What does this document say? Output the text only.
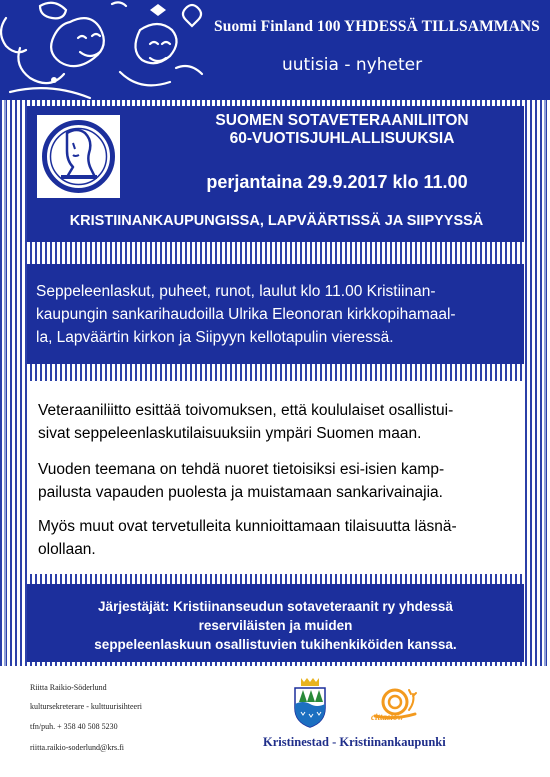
Suomi Finland 100 YHDESSÄ TILLSAMMANS
uutisia - nyheter
SUOMEN SOTAVETERAANILIITON
60-VUOTISJUHLALLISUUKSIA
perjantaina 29.9.2017 klo 11.00
KRISTIINANKAUPUNGISSA, LAPVÄÄRTISSÄ JA SIIPYYSSÄ
Seppeleenlaskut, puheet, runot, laulut klo 11.00 Kristiinan-
kaupungin sankarihaudoilla Ulrika Eleonoran kirkkopihamaal-
la, Lapväärtin kirkon ja Siipyyn kellotapulin vieressä.
Veteraaniliitto esittää toivomuksen, että koululaiset osallistui-
sivat seppeleenlaskutilaisuuksiin ympäri Suomen maan.
Vuoden teemana on tehdä nuoret tietoisiksi esi-isien kamp-
pailusta vapauden puolesta ja muistamaan sankarivainajia.
Myös muut ovat tervetulleita kunnioittamaan tilaisuutta läsnä-
olollaan.
Järjestäjät: Kristiinanseudun sotaveteraanit ry yhdessä
reserviläisten ja muiden
seppeleenlaskuun osallistuvien tukihenkiköiden kanssa.
Riitta Raikio-Söderlund
kultursekreterare - kulttuurisihteeri
tfn/puh. + 358 40 508 5230
riitta.raikio-soderlund@krs.fi
cittaslow
Kristinestad - Kristiinankaupunki
